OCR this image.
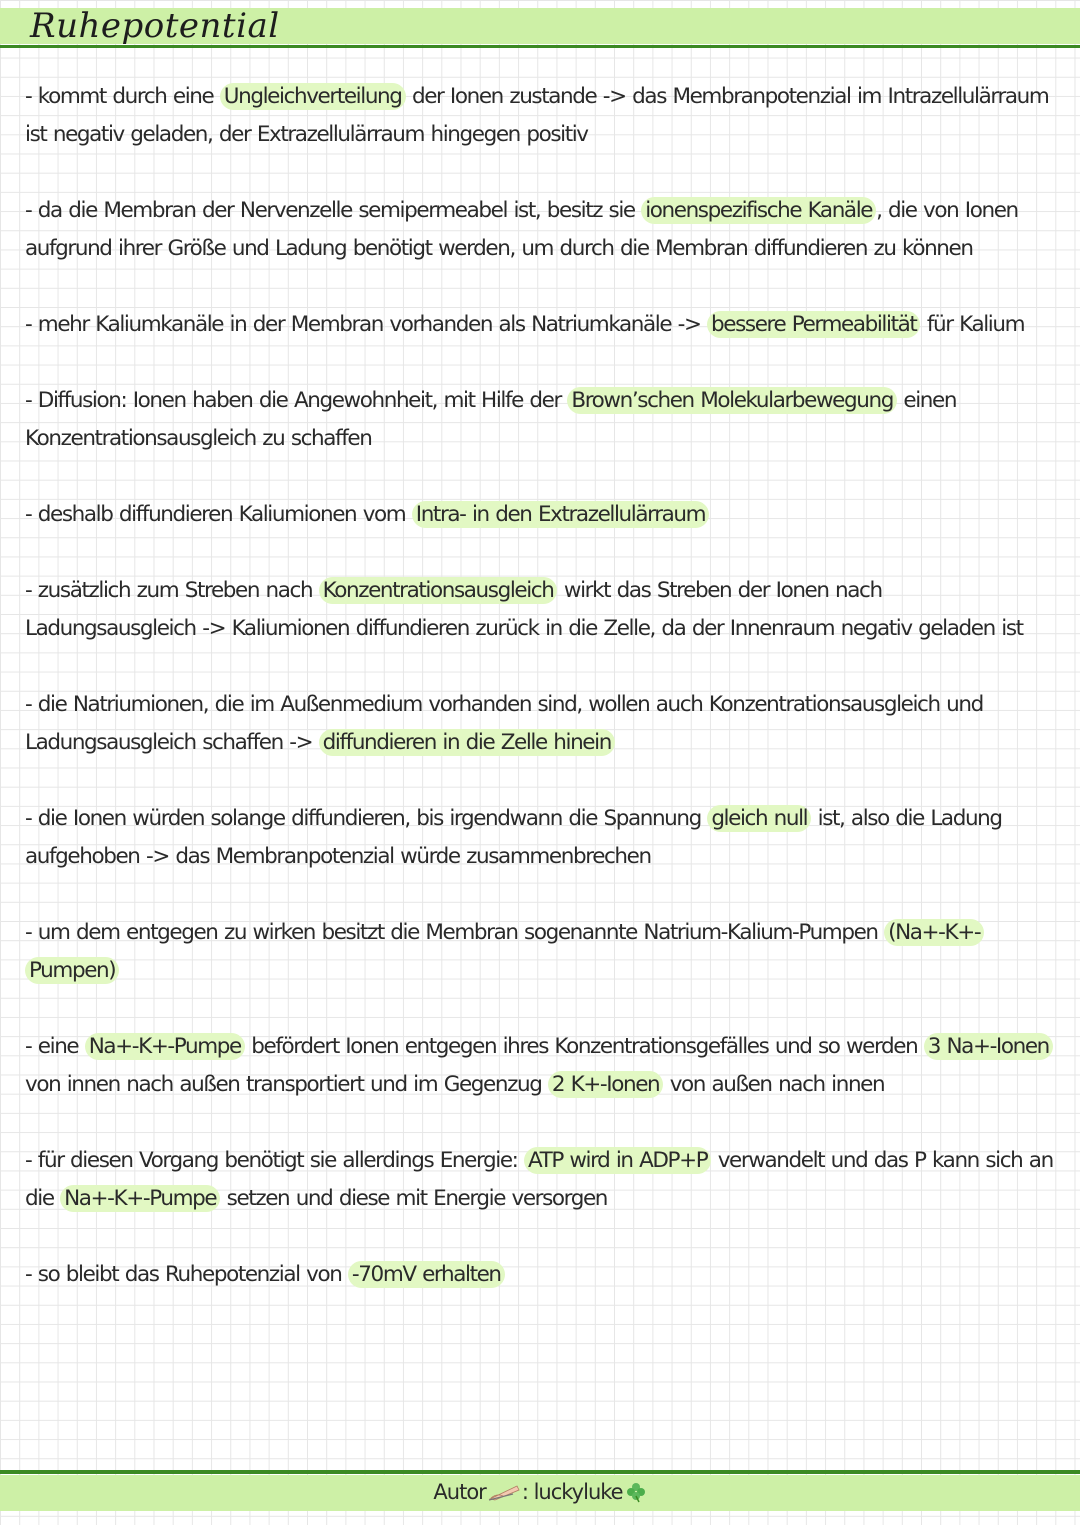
Ruhepotential

- kommt durch eine Ungleichverteilung der Ionen zustande -> das Membranpotenzial im Intrazellulärraum ist negativ geladen, der Extrazellulärraum hingegen positiv

- da die Membran der Nervenzelle semipermeabel ist, besitz sie ionenspezifische Kanäle , die von Ionen aufgrund ihrer Größe und Ladung benötigt werden, um durch die Membran diffundieren zu können

- mehr Kaliumkanäle in der Membran vorhanden als Natriumkanäle -> bessere Permeabilität für Kalium

- Diffusion: Ionen haben die Angewohnheit, mit Hilfe der Brown’schen Molekularbewegung einen Konzentrationsausgleich zu schaffen

- deshalb diffundieren Kaliumionen vom Intra- in den Extrazellulärraum

- zusätzlich zum Streben nach Konzentrationsausgleich wirkt das Streben der Ionen nach Ladungsausgleich -> Kaliumionen diffundieren zurück in die Zelle, da der Innenraum negativ geladen ist

- die Natriumionen, die im Außenmedium vorhanden sind, wollen auch Konzentrationsausgleich und Ladungsausgleich schaffen -> diffundieren in die Zelle hinein

- die Ionen würden solange diffundieren, bis irgendwann die Spannung gleich null ist, also die Ladung aufgehoben -> das Membranpotenzial würde zusammenbrechen

- um dem entgegen zu wirken besitzt die Membran sogenannte Natrium-Kalium-Pumpen (Na+-K+-Pumpen)

- eine Na+-K+-Pumpe befördert Ionen entgegen ihres Konzentrationsgefälles und so werden 3 Na+-Ionen von innen nach außen transportiert und im Gegenzug 2 K+-Ionen von außen nach innen

- für diesen Vorgang benötigt sie allerdings Energie: ATP wird in ADP+P verwandelt und das P kann sich an die Na+-K+-Pumpe setzen und diese mit Energie versorgen

- so bleibt das Ruhepotenzial von -70mV erhalten

Autor : luckyluke
